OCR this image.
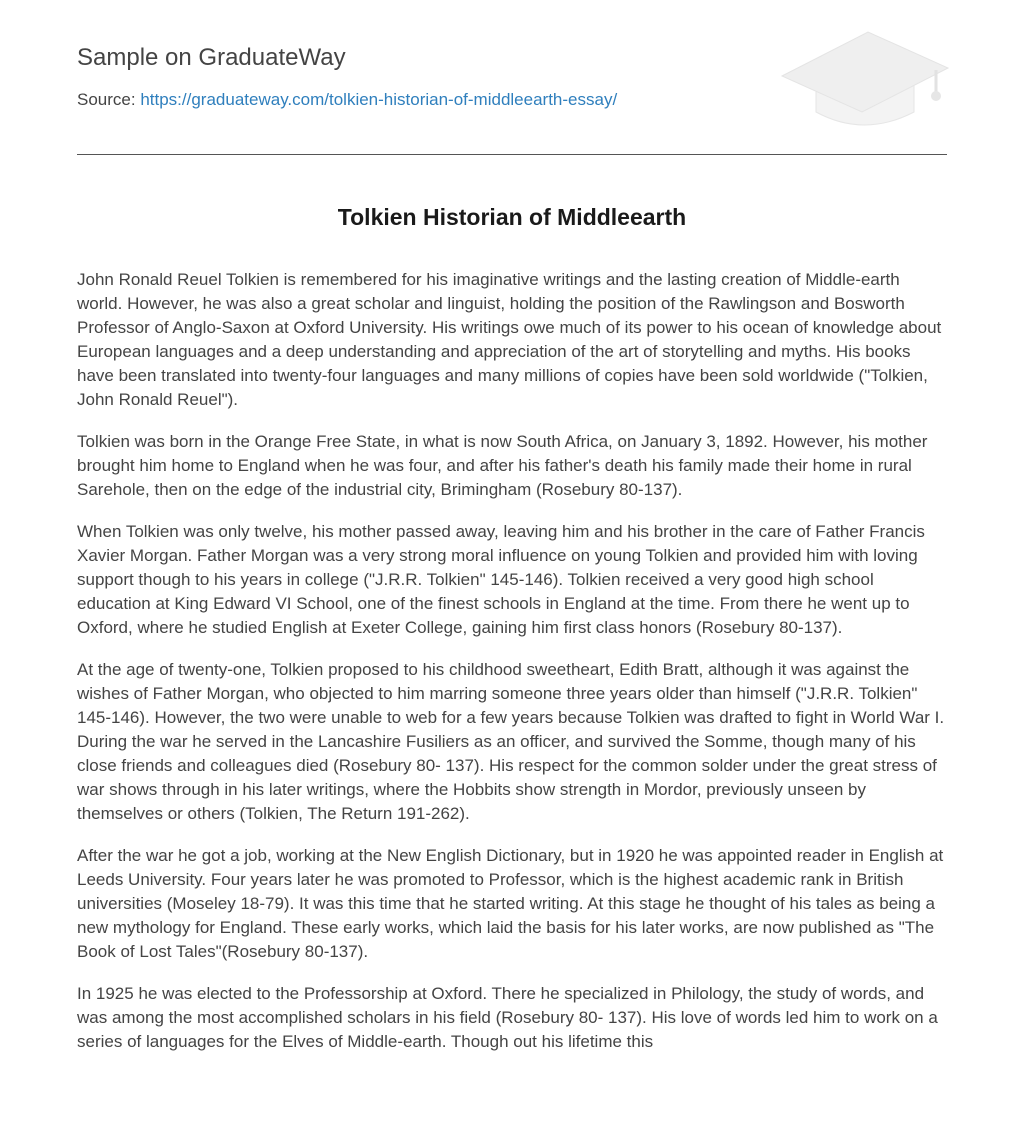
Sample on GraduateWay
Source: https://graduateway.com/tolkien-historian-of-middleearth-essay/
Tolkien Historian of Middleearth

John Ronald Reuel Tolkien is remembered for his imaginative writings and the lasting creation of Middle-earth world. However, he was also a great scholar and linguist, holding the position of the Rawlingson and Bosworth Professor of Anglo-Saxon at Oxford University. His writings owe much of its power to his ocean of knowledge about European languages and a deep understanding and appreciation of the art of storytelling and myths. His books have been translated into twenty-four languages and many millions of copies have been sold worldwide ("Tolkien, John Ronald Reuel").

Tolkien was born in the Orange Free State, in what is now South Africa, on January 3, 1892. However, his mother brought him home to England when he was four, and after his father's death his family made their home in rural Sarehole, then on the edge of the industrial city, Brimingham (Rosebury 80-137).

When Tolkien was only twelve, his mother passed away, leaving him and his brother in the care of Father Francis Xavier Morgan. Father Morgan was a very strong moral influence on young Tolkien and provided him with loving support though to his years in college ("J.R.R. Tolkien" 145-146). Tolkien received a very good high school education at King Edward VI School, one of the finest schools in England at the time. From there he went up to Oxford, where he studied English at Exeter College, gaining him first class honors (Rosebury 80-137).

At the age of twenty-one, Tolkien proposed to his childhood sweetheart, Edith Bratt, although it was against the wishes of Father Morgan, who objected to him marring someone three years older than himself ("J.R.R. Tolkien" 145-146). However, the two were unable to web for a few years because Tolkien was drafted to fight in World War I. During the war he served in the Lancashire Fusiliers as an officer, and survived the Somme, though many of his close friends and colleagues died (Rosebury 80- 137). His respect for the common solder under the great stress of war shows through in his later writings, where the Hobbits show strength in Mordor, previously unseen by themselves or others (Tolkien, The Return 191-262).

After the war he got a job, working at the New English Dictionary, but in 1920 he was appointed reader in English at Leeds University. Four years later he was promoted to Professor, which is the highest academic rank in British universities (Moseley 18-79). It was this time that he started writing. At this stage he thought of his tales as being a new mythology for England. These early works, which laid the basis for his later works, are now published as "The Book of Lost Tales"(Rosebury 80-137).

In 1925 he was elected to the Professorship at Oxford. There he specialized in Philology, the study of words, and was among the most accomplished scholars in his field (Rosebury 80- 137). His love of words led him to work on a series of languages for the Elves of Middle-earth. Though out his lifetime this
